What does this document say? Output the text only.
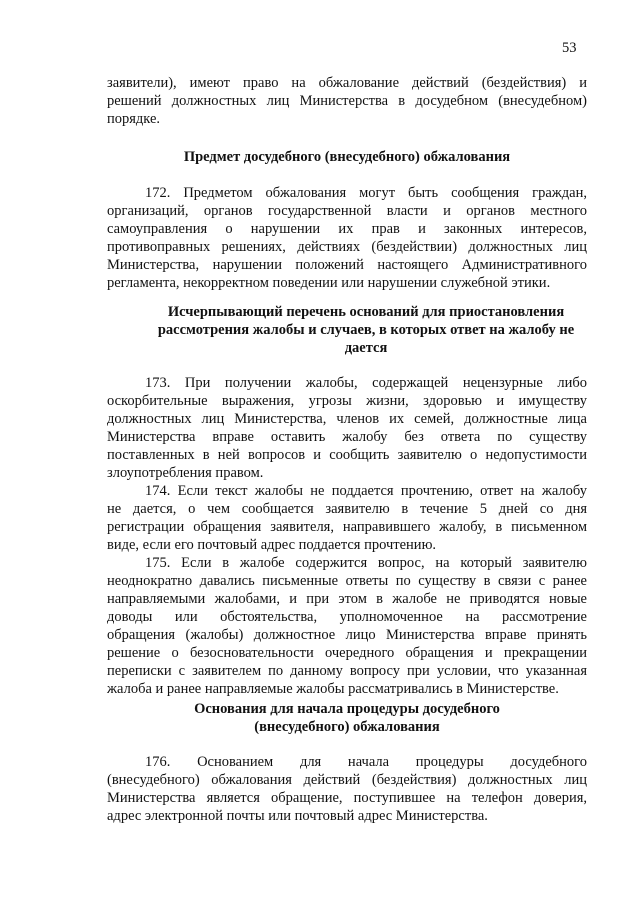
53
заявители), имеют право на обжалование действий (бездействия) и
решений должностных лиц Министерства в досудебном (внесудебном)
порядке.
Предмет досудебного (внесудебного) обжалования
172. Предметом обжалования могут быть сообщения граждан,
организаций, органов государственной власти и органов местного
самоуправления о нарушении их прав и законных интересов,
противоправных решениях, действиях (бездействии) должностных лиц
Министерства, нарушении положений настоящего Административного
регламента, некорректном поведении или нарушении служебной этики.
Исчерпывающий перечень оснований для приостановления
рассмотрения жалобы и случаев, в которых ответ на жалобу не
дается
173. При получении жалобы, содержащей нецензурные либо
оскорбительные выражения, угрозы жизни, здоровью и имуществу
должностных лиц Министерства, членов их семей, должностные лица
Министерства вправе оставить жалобу без ответа по существу
поставленных в ней вопросов и сообщить заявителю о недопустимости
злоупотребления правом.
174. Если текст жалобы не поддается прочтению, ответ на жалобу
не дается, о чем сообщается заявителю в течение 5 дней со дня
регистрации обращения заявителя, направившего жалобу, в письменном
виде, если его почтовый адрес поддается прочтению.
175. Если в жалобе содержится вопрос, на который заявителю
неоднократно давались письменные ответы по существу в связи с ранее
направляемыми жалобами, и при этом в жалобе не приводятся новые
доводы или обстоятельства, уполномоченное на рассмотрение
обращения (жалобы) должностное лицо Министерства вправе принять
решение о безосновательности очередного обращения и прекращении
переписки с заявителем по данному вопросу при условии, что указанная
жалоба и ранее направляемые жалобы рассматривались в Министерстве.
Основания для начала процедуры досудебного
(внесудебного) обжалования
176. Основанием для начала процедуры досудебного
(внесудебного) обжалования действий (бездействия) должностных лиц
Министерства является обращение, поступившее на телефон доверия,
адрес электронной почты или почтовый адрес Министерства.
